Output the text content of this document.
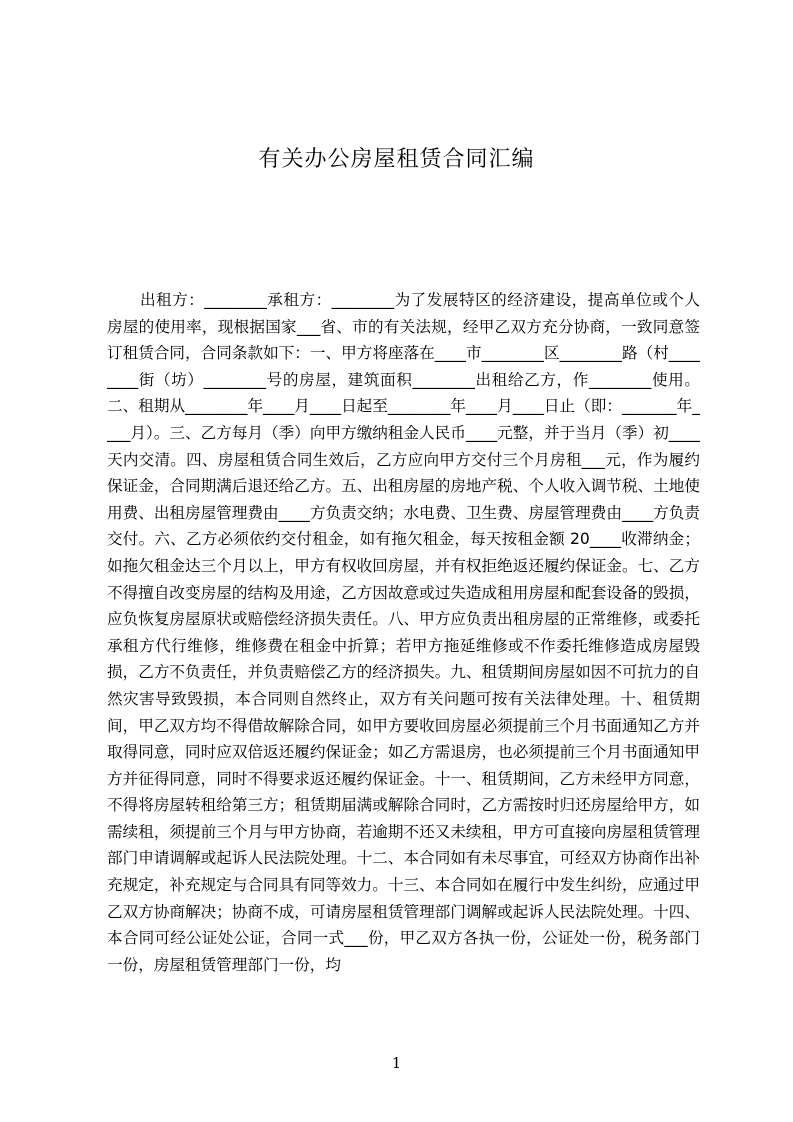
有关办公房屋租赁合同汇编

出租方：________承租方：________为了发展特区的经济建设，提高单位或个人房屋的使用率，现根据国家___省、市的有关法规，经甲乙双方充分协商，一致同意签订租赁合同，合同条款如下：一、甲方将座落在____市________区________路（村________街（坊）________号的房屋，建筑面积________出租给乙方，作________使用。二、租期从________年____月____日起至________年____月____日止（即：_______年____月）。三、乙方每月（季）向甲方缴纳租金人民币____元整，并于当月（季）初____天内交清。四、房屋租赁合同生效后，乙方应向甲方交付三个月房租___元，作为履约保证金，合同期满后退还给乙方。五、出租房屋的房地产税、个人收入调节税、土地使用费、出租房屋管理费由____方负责交纳；水电费、卫生费、房屋管理费由____方负责交付。六、乙方必须依约交付租金，如有拖欠租金，每天按租金额 20____收滞纳金；如拖欠租金达三个月以上，甲方有权收回房屋，并有权拒绝返还履约保证金。七、乙方不得擅自改变房屋的结构及用途，乙方因故意或过失造成租用房屋和配套设备的毁损，应负恢复房屋原状或赔偿经济损失责任。八、甲方应负责出租房屋的正常维修，或委托承租方代行维修，维修费在租金中折算；若甲方拖延维修或不作委托维修造成房屋毁损，乙方不负责任，并负责赔偿乙方的经济损失。九、租赁期间房屋如因不可抗力的自然灾害导致毁损，本合同则自然终止，双方有关问题可按有关法律处理。十、租赁期间，甲乙双方均不得借故解除合同，如甲方要收回房屋必须提前三个月书面通知乙方并取得同意，同时应双倍返还履约保证金；如乙方需退房，也必须提前三个月书面通知甲方并征得同意，同时不得要求返还履约保证金。十一、租赁期间，乙方未经甲方同意，不得将房屋转租给第三方；租赁期届满或解除合同时，乙方需按时归还房屋给甲方，如需续租，须提前三个月与甲方协商，若逾期不还又未续租，甲方可直接向房屋租赁管理部门申请调解或起诉人民法院处理。十二、本合同如有未尽事宜，可经双方协商作出补充规定，补充规定与合同具有同等效力。十三、本合同如在履行中发生纠纷，应通过甲乙双方协商解决；协商不成，可请房屋租赁管理部门调解或起诉人民法院处理。十四、本合同可经公证处公证，合同一式___份，甲乙双方各执一份，公证处一份，税务部门一份，房屋租赁管理部门一份，均

1
